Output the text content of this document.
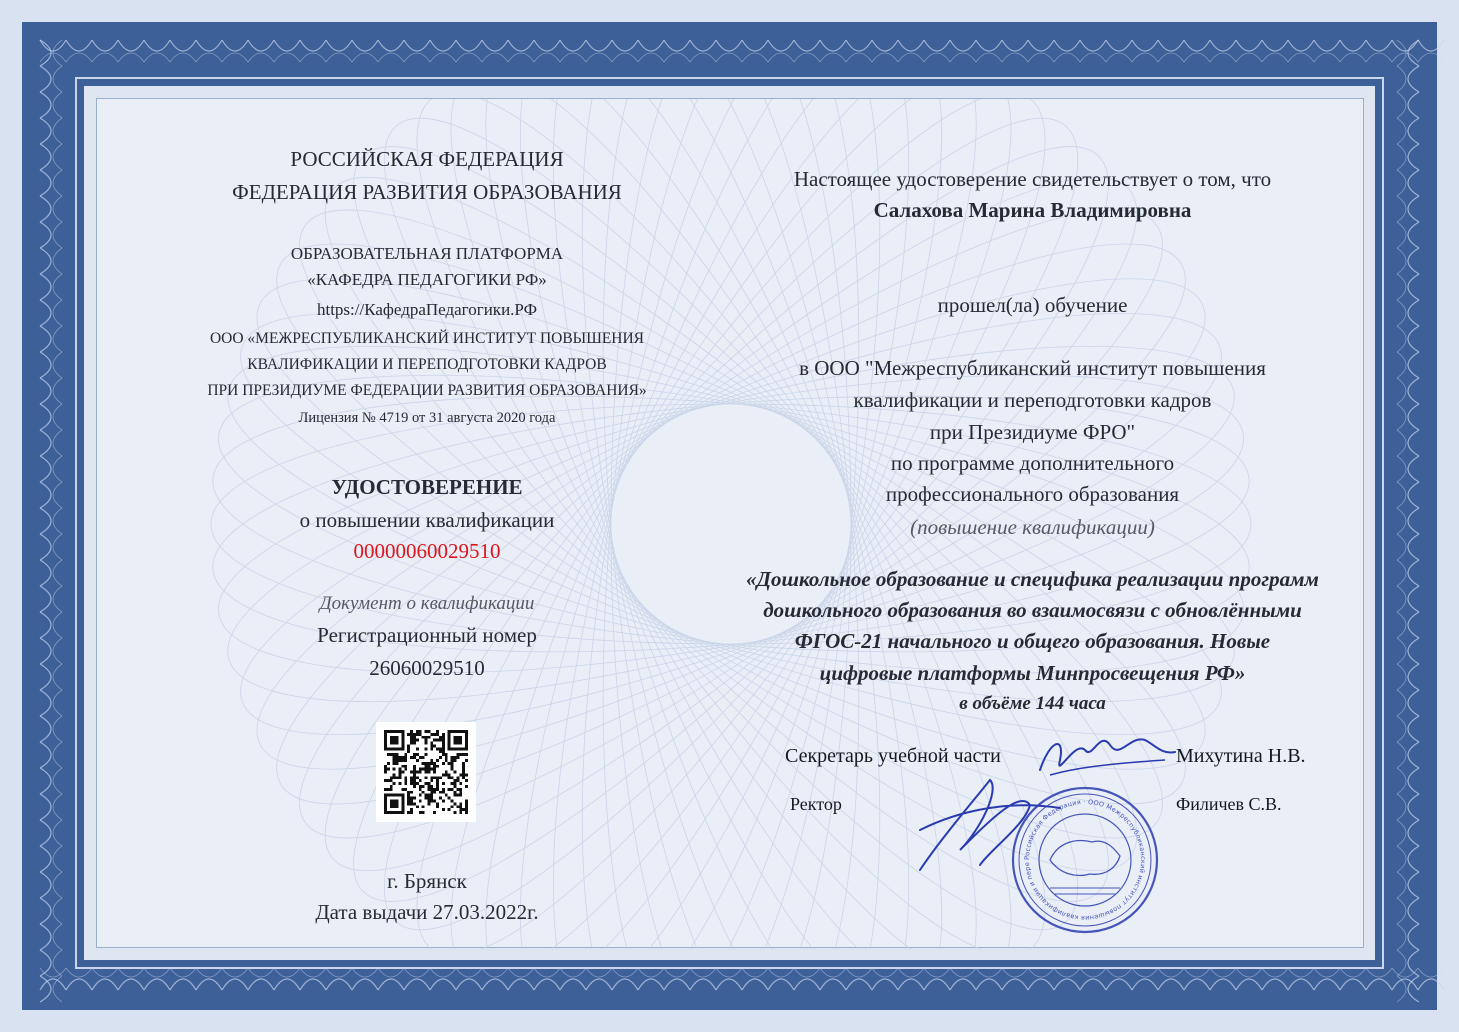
РОССИЙСКАЯ ФЕДЕРАЦИЯ
ФЕДЕРАЦИЯ РАЗВИТИЯ ОБРАЗОВАНИЯ
ОБРАЗОВАТЕЛЬНАЯ ПЛАТФОРМА
«КАФЕДРА ПЕДАГОГИКИ РФ»
https://КафедраПедагогики.РФ
ООО «МЕЖРЕСПУБЛИКАНСКИЙ ИНСТИТУТ ПОВЫШЕНИЯ
КВАЛИФИКАЦИИ И ПЕРЕПОДГОТОВКИ КАДРОВ
ПРИ ПРЕЗИДИУМЕ ФЕДЕРАЦИИ РАЗВИТИЯ ОБРАЗОВАНИЯ»
Лицензия № 4719 от 31 августа 2020 года
УДОСТОВЕРЕНИЕ
о повышении квалификации
00000060029510
Документ о квалификации
Регистрационный номер
26060029510
г. Брянск
Дата выдачи 27.03.2022г.
Настоящее удостоверение свидетельствует о том, что
Салахова Марина Владимировна
прошел(ла) обучение
в ООО "Межреспубликанский институт повышения
квалификации и переподготовки кадров
при Президиуме ФРО"
по программе дополнительного
профессионального образования
(повышение квалификации)
«Дошкольное образование и специфика реализации программ
дошкольного образования во взаимосвязи с обновлёнными
ФГОС-21 начального и общего образования. Новые
цифровые платформы Минпросвещения РФ»
в объёме 144 часа
Секретарь учебной части	Михутина Н.В.
Ректор	Филичев С.В.
Российская Федерация · ООО Межреспубликанский институт повышения квалификации и пере
